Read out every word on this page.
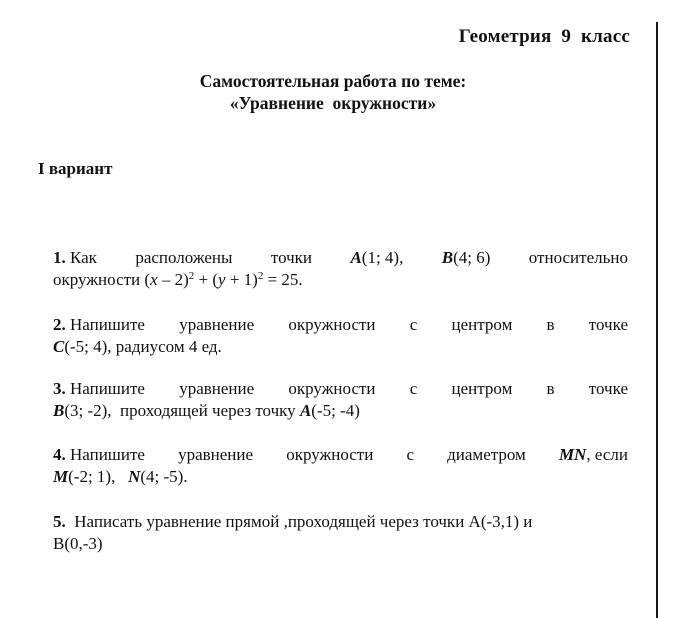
Геометрия  9  класс
Самостоятельная работа по теме:
«Уравнение  окружности»
I вариант
1. Как расположены точки A(1; 4), B(4; 6) относительно
окружности $(x - 2)^2 + (y + 1)^2 = 25$.
2. Напишите уравнение окружности с центром в точке
C(-5; 4), радиусом 4 ед.
3. Напишите уравнение окружности с центром в точке
B(3; -2),  проходящей через точку A(-5; -4)
4. Напишите уравнение окружности с диаметром MN, если
M(-2; 1),   N(4; -5).
5. Написать уравнение прямой ,проходящей через точки A(-3,1) и
B(0,-3)
